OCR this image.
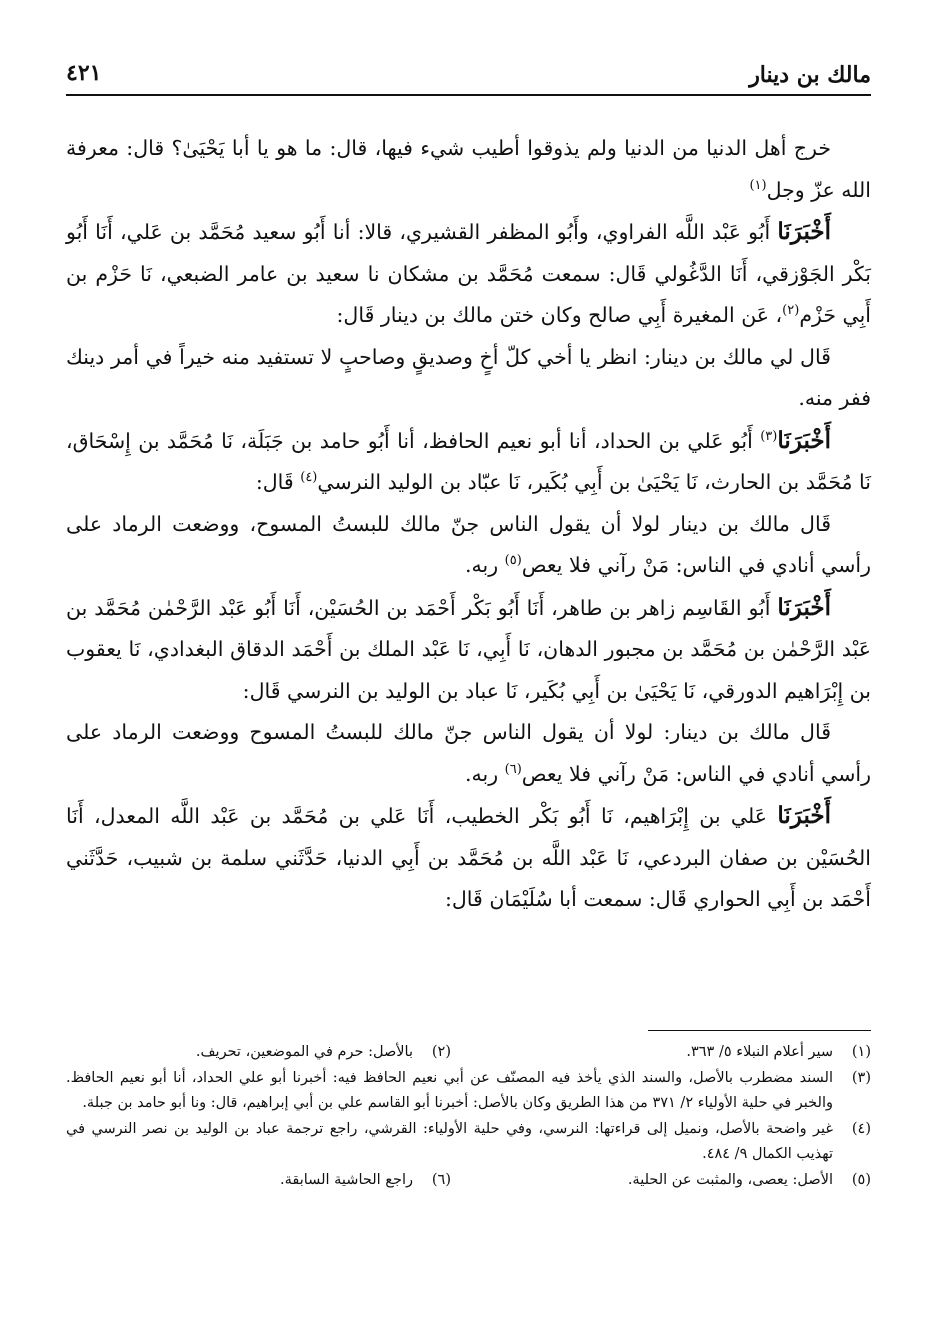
مالك بن دينار
٤٢١

خرج أهل الدنيا من الدنيا ولم يذوقوا أطيب شيء فيها، قال: ما هو يا أبا يَحْيَىٰ؟ قال: معرفة الله عزّ وجل$^{(١)}$

أَخْبَرَنَا أَبُو عَبْد اللَّه الفراوي، وأَبُو المظفر القشيري، قالا: أنا أَبُو سعيد مُحَمَّد بن عَلي، أَنَا أَبُو بَكْر الجَوْزقي، أَنَا الدَّغُولي قَال: سمعت مُحَمَّد بن مشكان نا سعيد بن عامر الضبعي، نَا حَزْم بن أَبِي حَزْم$^{(٢)}$، عَن المغيرة أَبِي صالح وكان ختن مالك بن دينار قَال:

قَال لي مالك بن دينار: انظر يا أخي كلّ أخٍ وصديقٍ وصاحبٍ لا تستفيد منه خيراً في أمر دينك ففر منه.

أَخْبَرَنَا$^{(٣)}$ أَبُو عَلي بن الحداد، أنا أبو نعيم الحافظ، أنا أَبُو حامد بن جَبَلَة، نَا مُحَمَّد بن إِسْحَاق، نَا مُحَمَّد بن الحارث، نَا يَحْيَىٰ بن أَبِي بُكَير، نَا عبّاد بن الوليد النرسي$^{(٤)}$ قَال:

قَال مالك بن دينار لولا أن يقول الناس جنّ مالك للبستُ المسوح، ووضعت الرماد على رأسي أنادي في الناس: مَنْ رآني فلا يعص$^{(٥)}$ ربه.

أَخْبَرَنَا أَبُو القَاسِم زاهر بن طاهر، أَنَا أَبُو بَكْر أَحْمَد بن الحُسَيْن، أَنَا أَبُو عَبْد الرَّحْمٰن مُحَمَّد بن عَبْد الرَّحْمٰن بن مُحَمَّد بن مجبور الدهان، نَا أَبِي، نَا عَبْد الملك بن أَحْمَد الدقاق البغدادي، نَا يعقوب بن إِبْرَاهيم الدورقي، نَا يَحْيَىٰ بن أَبِي بُكَير، نَا عباد بن الوليد بن النرسي قَال:

قَال مالك بن دينار: لولا أن يقول الناس جنّ مالك للبستُ المسوح ووضعت الرماد على رأسي أنادي في الناس: مَنْ رآني فلا يعص$^{(٦)}$ ربه.

أَخْبَرَنَا عَلي بن إِبْرَاهيم، نَا أَبُو بَكْر الخطيب، أَنَا عَلي بن مُحَمَّد بن عَبْد اللَّه المعدل، أَنَا الحُسَيْن بن صفان البردعي، نَا عَبْد اللَّه بن مُحَمَّد بن أَبِي الدنيا، حَدَّثَني سلمة بن شبيب، حَدَّثَني أَحْمَد بن أَبِي الحواري قَال: سمعت أبا سُلَيْمَان قَال:

(١)
سير أعلام النبلاء ٥/ ٣٦٣.
(٢)
بالأصل: حرم في الموضعين، تحريف.
(٣)
السند مضطرب بالأصل، والسند الذي يأخذ فيه المصنّف عن أبي نعيم الحافظ فيه: أخبرنا أبو علي الحداد، أنا أبو نعيم الحافظ. والخبر في حلية الأولياء ٢/ ٣٧١ من هذا الطريق وكان بالأصل: أخبرنا أبو القاسم علي بن أبي إبراهيم، قال: ونا أبو حامد بن جبلة.
(٤)
غير واضحة بالأصل، ونميل إلى قراءتها: النرسي، وفي حلية الأولياء: القرشي، راجع ترجمة عباد بن الوليد بن نصر النرسي في تهذيب الكمال ٩/ ٤٨٤.
(٥)
الأصل: يعصى، والمثبت عن الحلية.
(٦)
راجع الحاشية السابقة.
